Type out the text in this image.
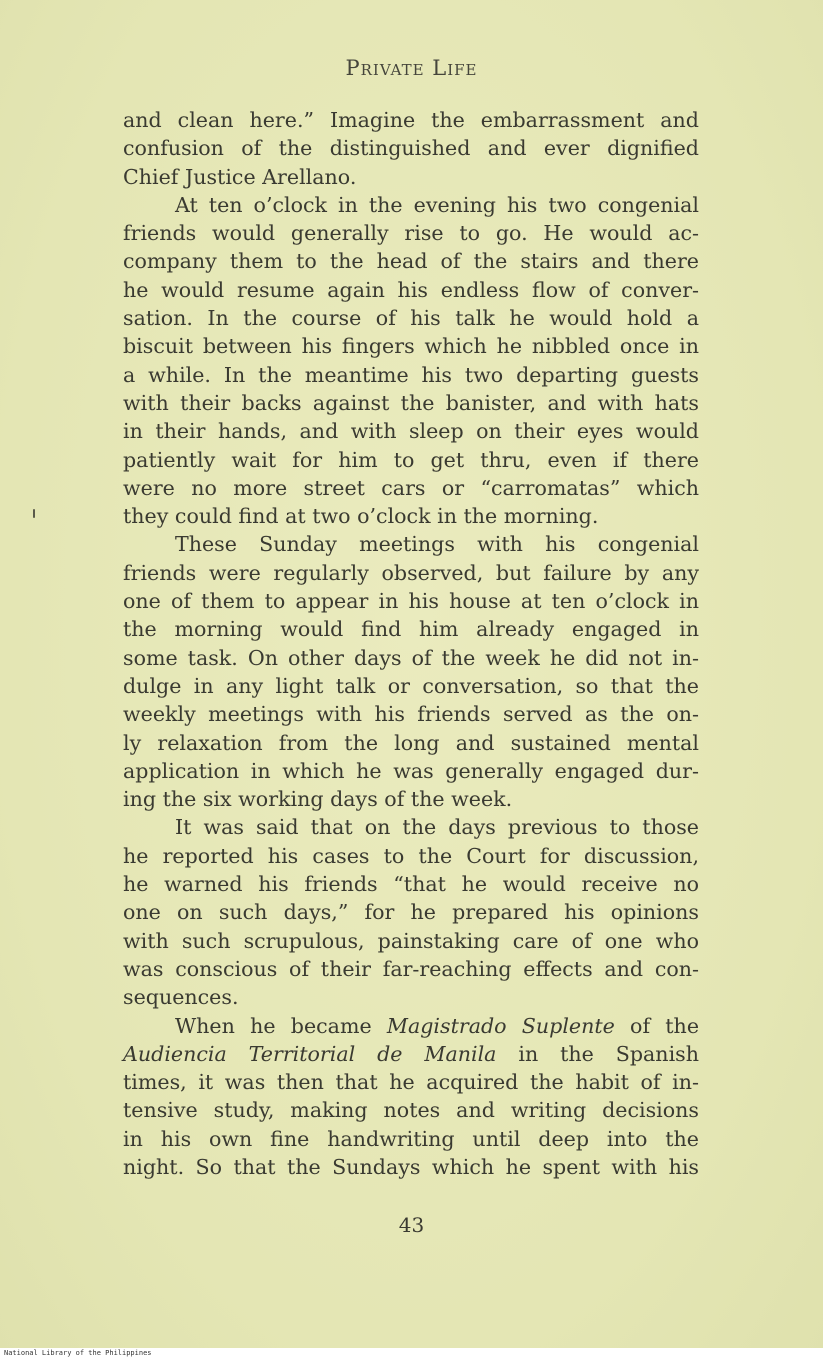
Private Life
and clean here.” Imagine the embarrassment and
confusion of the distinguished and ever dignified
Chief Justice Arellano.
At ten o’clock in the evening his two congenial
friends would generally rise to go. He would ac-
company them to the head of the stairs and there
he would resume again his endless flow of conver-
sation. In the course of his talk he would hold a
biscuit between his fingers which he nibbled once in
a while. In the meantime his two departing guests
with their backs against the banister, and with hats
in their hands, and with sleep on their eyes would
patiently wait for him to get thru, even if there
were no more street cars or “carromatas” which
they could find at two o’clock in the morning.
These Sunday meetings with his congenial
friends were regularly observed, but failure by any
one of them to appear in his house at ten o’clock in
the morning would find him already engaged in
some task. On other days of the week he did not in-
dulge in any light talk or conversation, so that the
weekly meetings with his friends served as the on-
ly relaxation from the long and sustained mental
application in which he was generally engaged dur-
ing the six working days of the week.
It was said that on the days previous to those
he reported his cases to the Court for discussion,
he warned his friends “that he would receive no
one on such days,” for he prepared his opinions
with such scrupulous, painstaking care of one who
was conscious of their far-reaching effects and con-
sequences.
When he became Magistrado Suplente of the
Audiencia Territorial de Manila in the Spanish
times, it was then that he acquired the habit of in-
tensive study, making notes and writing decisions
in his own fine handwriting until deep into the
night. So that the Sundays which he spent with his
43
National Library of the Philippines
